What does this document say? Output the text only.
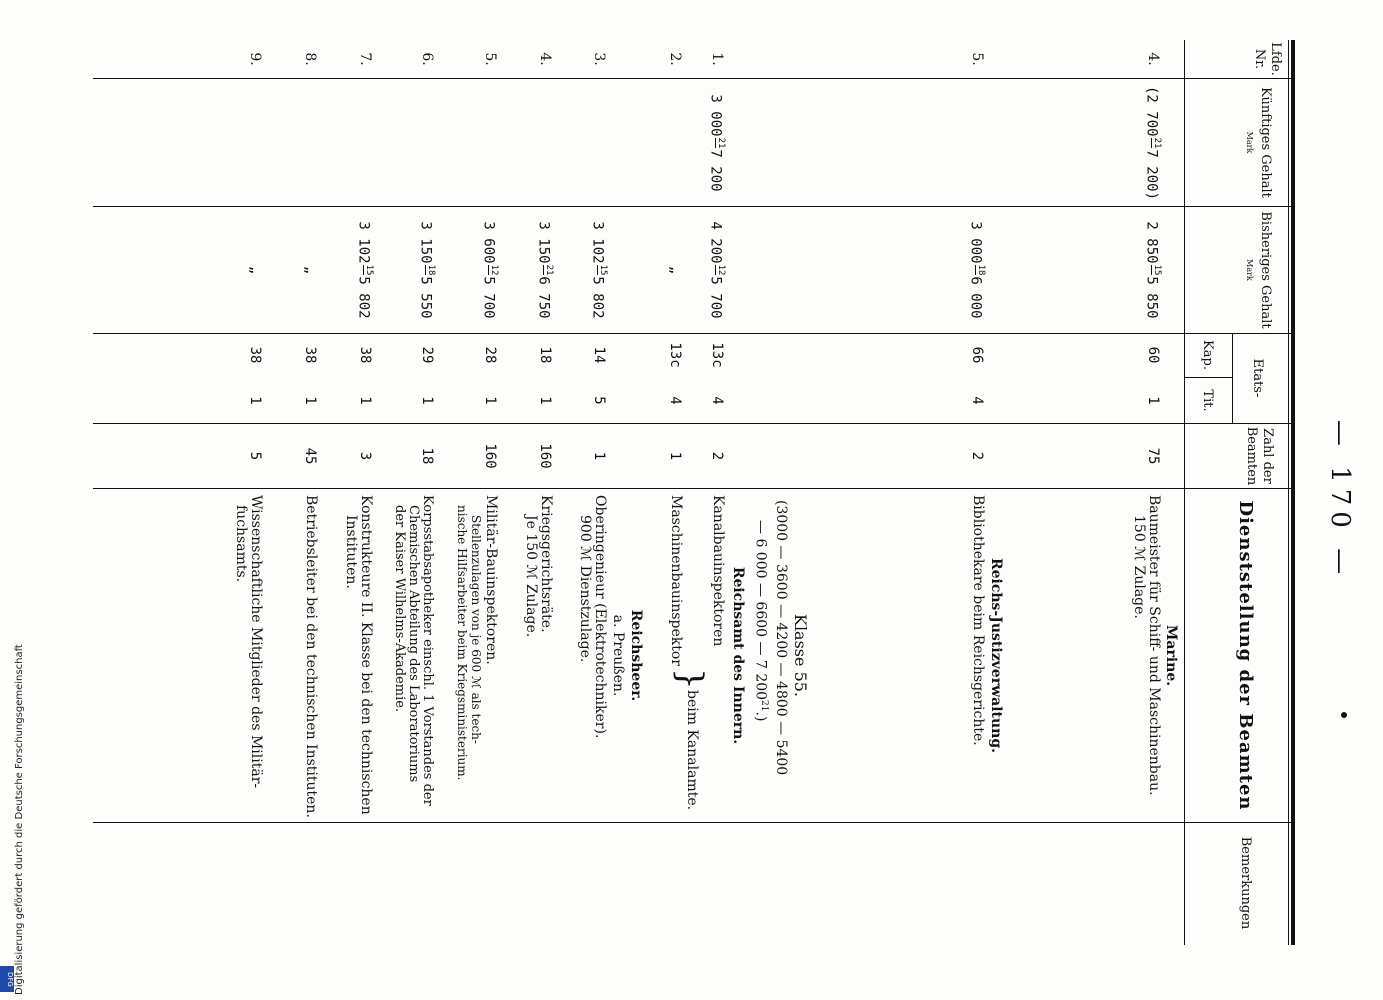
Digitalisierung gefördert durch die Deutsche Forschungsgemeinschaft
DFG
— 170 —
Lfde. Nr.
Künftiges Gehalt
Mark
Bisheriges Gehalt
Mark
Etats-
Kap.
Tit.
Zahl der Beamten
Dienststellung der Beamten
Bemerkungen
4.
60
1
75
(2 700
21

7 200)
2 850
15

5 850
5.
66
4
2
3 000
18

6 000
1.
13c
4
2
3 000
21

7 200
4 200
12

5 700
2.
13c
4
1
„
3.
14
5
1
3 102
15

5 802
4.
18
1
160
3 150
21

6 750
5.
28
1
160
3 600
12

5 700
6.
29
1
18
3 150
18

5 550
7.
38
1
3
3 102
15

5 802
8.
38
1
45
„
9.
38
1
5
„
Marine.
Baumeister für Schiff- und Maschinenbau.
150 ℳ Zulage.
Reichs-Justizverwaltung.
Bibliothekare beim Reichsgerichte.
Klasse 55.
(3000 — 3600 — 4200 — 4800 — 5400
— 6 000 — 6600 — 7 $200^{21}$.)
Reichsamt des Innern.
Kanalbauinspektoren
Maschinenbauinspektor
}
beim Kanalamte.
Reichsheer.
a. Preußen.
Oberingenieur (Elektrotechniker).
900 ℳ Dienstzulage.
Kriegsgerichtsräte.
Je 150 ℳ Zulage.
Militär-Bauinspektoren.
Stellenzulagen von je 600 ℳ als tech-
nische Hilfsarbeiter beim Kriegsministerium.
Korpsstabsapotheker einschl. 1 Vorstandes der
Chemischen Abteilung des Laboratoriums
der Kaiser Wilhelms-Akademie.
Konstrukteure II. Klasse bei den technischen
Instituten.
Betriebsleiter bei den technischen Instituten.
Wissenschaftliche Mitglieder des Militär-
fuchsamts.
